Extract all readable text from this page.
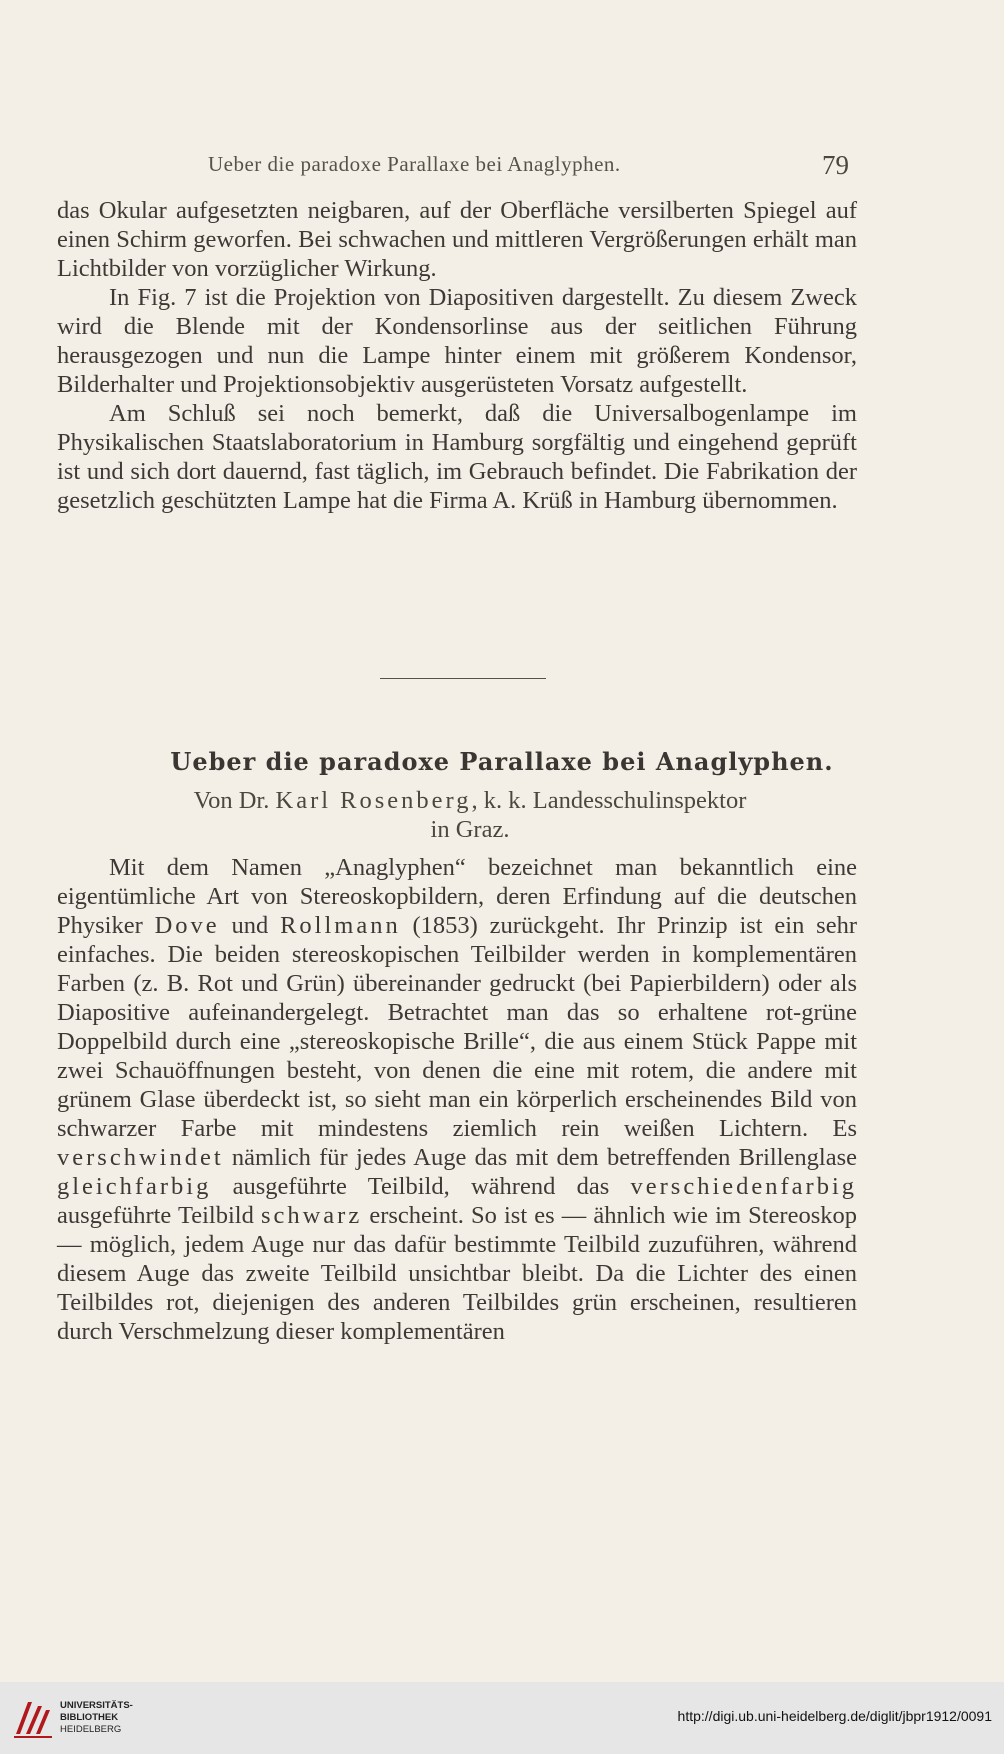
Ueber die paradoxe Parallaxe bei Anaglyphen.	79

das Okular aufgesetzten neigbaren, auf der Oberfläche versilberten Spiegel auf einen Schirm geworfen. Bei schwachen und mittleren Vergrößerungen erhält man Lichtbilder von vorzüglicher Wirkung.

In Fig. 7 ist die Projektion von Diapositiven dargestellt. Zu diesem Zweck wird die Blende mit der Kondensorlinse aus der seitlichen Führung herausgezogen und nun die Lampe hinter einem mit größerem Kondensor, Bilderhalter und Projektionsobjektiv ausgerüsteten Vorsatz aufgestellt.

Am Schluß sei noch bemerkt, daß die Universalbogenlampe im Physikalischen Staatslaboratorium in Hamburg sorgfältig und eingehend geprüft ist und sich dort dauernd, fast täglich, im Gebrauch befindet. Die Fabrikation der gesetzlich geschützten Lampe hat die Firma A. Krüß in Hamburg übernommen.

Ueber die paradoxe Parallaxe bei Anaglyphen.
Von Dr. Karl Rosenberg, k. k. Landesschulinspektor
in Graz.

Mit dem Namen „Anaglyphen“ bezeichnet man bekanntlich eine eigentümliche Art von Stereoskopbildern, deren Erfindung auf die deutschen Physiker Dove und Rollmann (1853) zurückgeht. Ihr Prinzip ist ein sehr einfaches. Die beiden stereoskopischen Teilbilder werden in komplementären Farben (z. B. Rot und Grün) übereinander gedruckt (bei Papierbildern) oder als Diapositive aufeinandergelegt. Betrachtet man das so erhaltene rot-grüne Doppelbild durch eine „stereoskopische Brille“, die aus einem Stück Pappe mit zwei Schauöffnungen besteht, von denen die eine mit rotem, die andere mit grünem Glase überdeckt ist, so sieht man ein körperlich erscheinendes Bild von schwarzer Farbe mit mindestens ziemlich rein weißen Lichtern. Es verschwindet nämlich für jedes Auge das mit dem betreffenden Brillenglase gleichfarbig ausgeführte Teilbild, während das verschiedenfarbig ausgeführte Teilbild schwarz erscheint. So ist es — ähnlich wie im Stereoskop — möglich, jedem Auge nur das dafür bestimmte Teilbild zuzuführen, während diesem Auge das zweite Teilbild unsichtbar bleibt. Da die Lichter des einen Teilbildes rot, diejenigen des anderen Teilbildes grün erscheinen, resultieren durch Verschmelzung dieser komplementären

UNIVERSITÄTS-
BIBLIOTHEK
HEIDELBERG
http://digi.ub.uni-heidelberg.de/diglit/jbpr1912/0091
